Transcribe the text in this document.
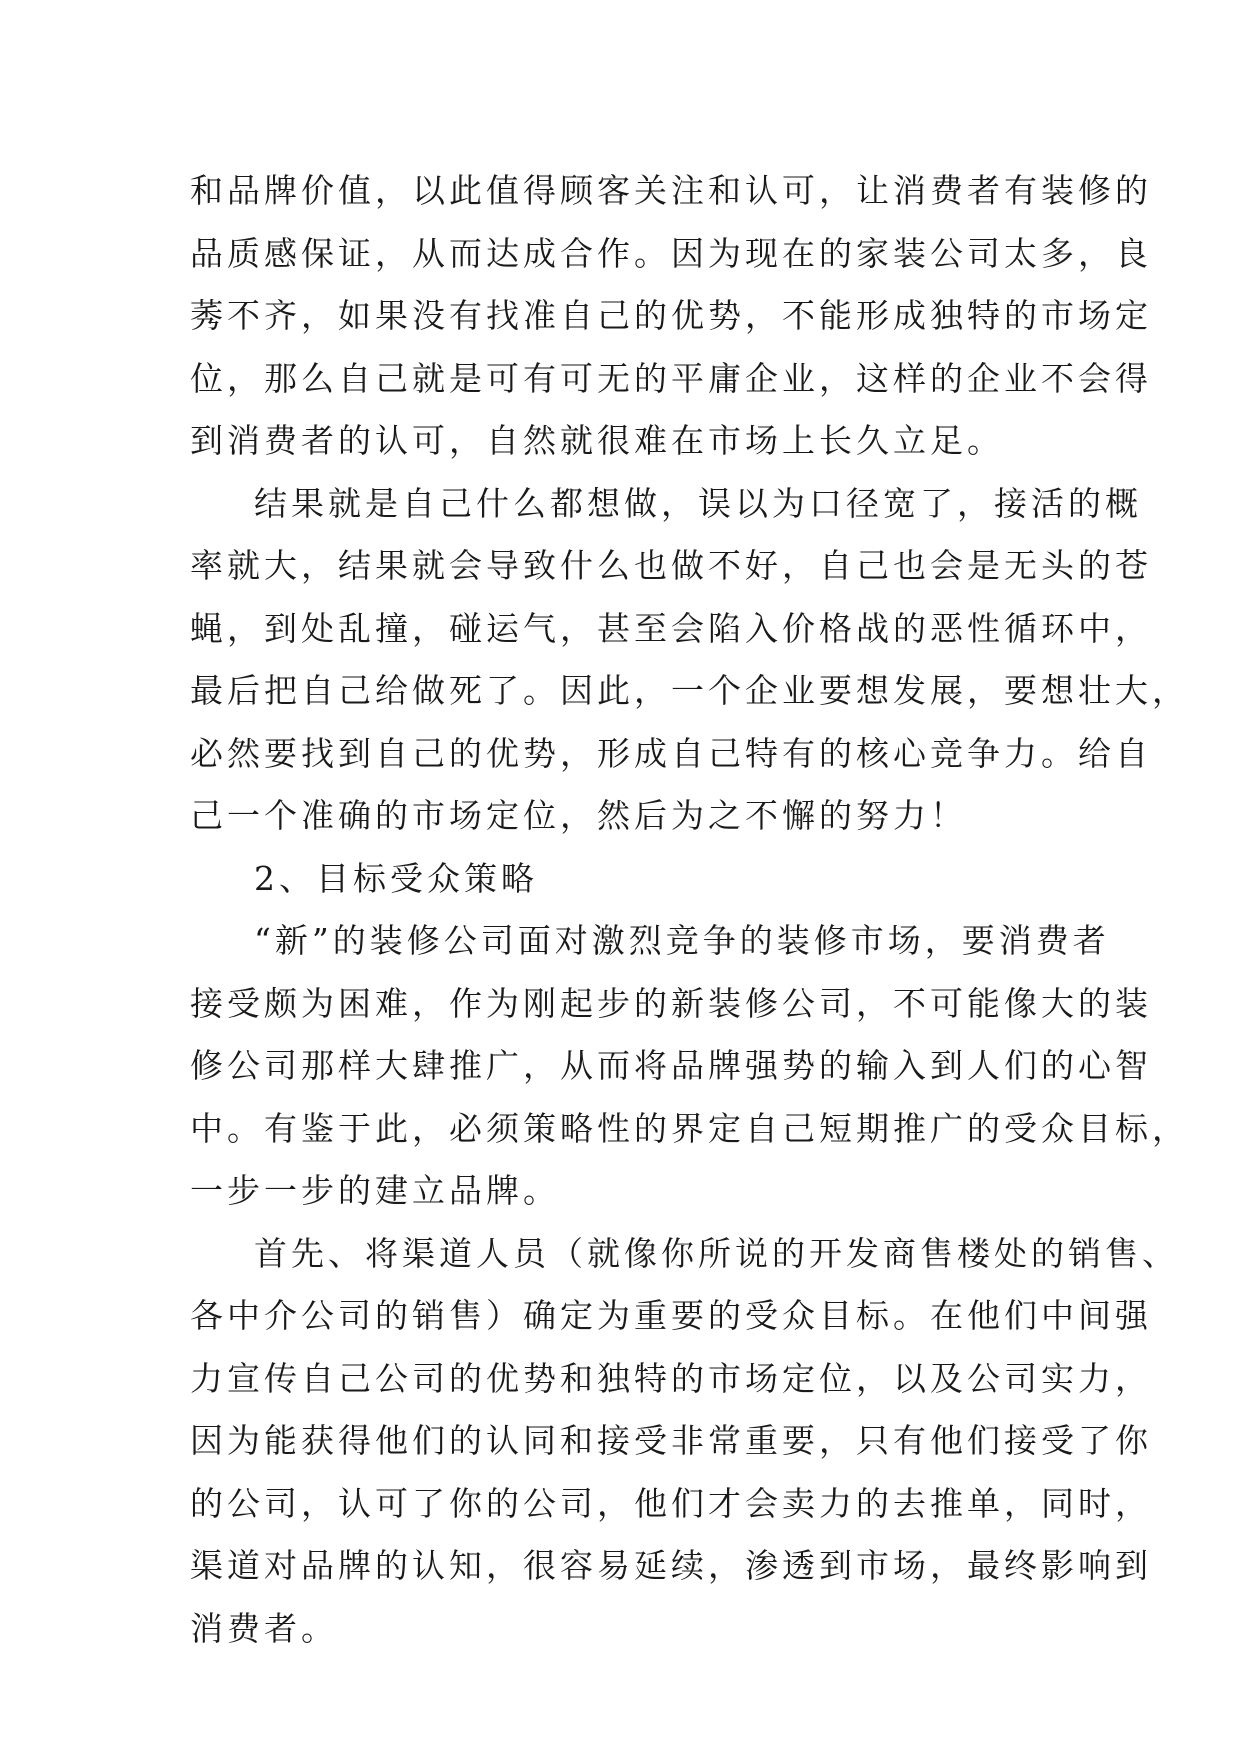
和品牌价值，以此值得顾客关注和认可，让消费者有装修的
品质感保证，从而达成合作。因为现在的家装公司太多，良
莠不齐，如果没有找准自己的优势，不能形成独特的市场定
位，那么自己就是可有可无的平庸企业，这样的企业不会得
到消费者的认可，自然就很难在市场上长久立足。
结果就是自己什么都想做，误以为口径宽了，接活的概
率就大，结果就会导致什么也做不好，自己也会是无头的苍
蝇，到处乱撞，碰运气，甚至会陷入价格战的恶性循环中，
最后把自己给做死了。因此，一个企业要想发展，要想壮大，
必然要找到自己的优势，形成自己特有的核心竞争力。给自
己一个准确的市场定位，然后为之不懈的努力！
2、目标受众策略
“新”的装修公司面对激烈竞争的装修市场，要消费者
接受颇为困难，作为刚起步的新装修公司，不可能像大的装
修公司那样大肆推广，从而将品牌强势的输入到人们的心智
中。有鉴于此，必须策略性的界定自己短期推广的受众目标，
一步一步的建立品牌。
首先、将渠道人员（就像你所说的开发商售楼处的销售、
各中介公司的销售）确定为重要的受众目标。在他们中间强
力宣传自己公司的优势和独特的市场定位，以及公司实力，
因为能获得他们的认同和接受非常重要，只有他们接受了你
的公司，认可了你的公司，他们才会卖力的去推单，同时，
渠道对品牌的认知，很容易延续，渗透到市场，最终影响到
消费者。
